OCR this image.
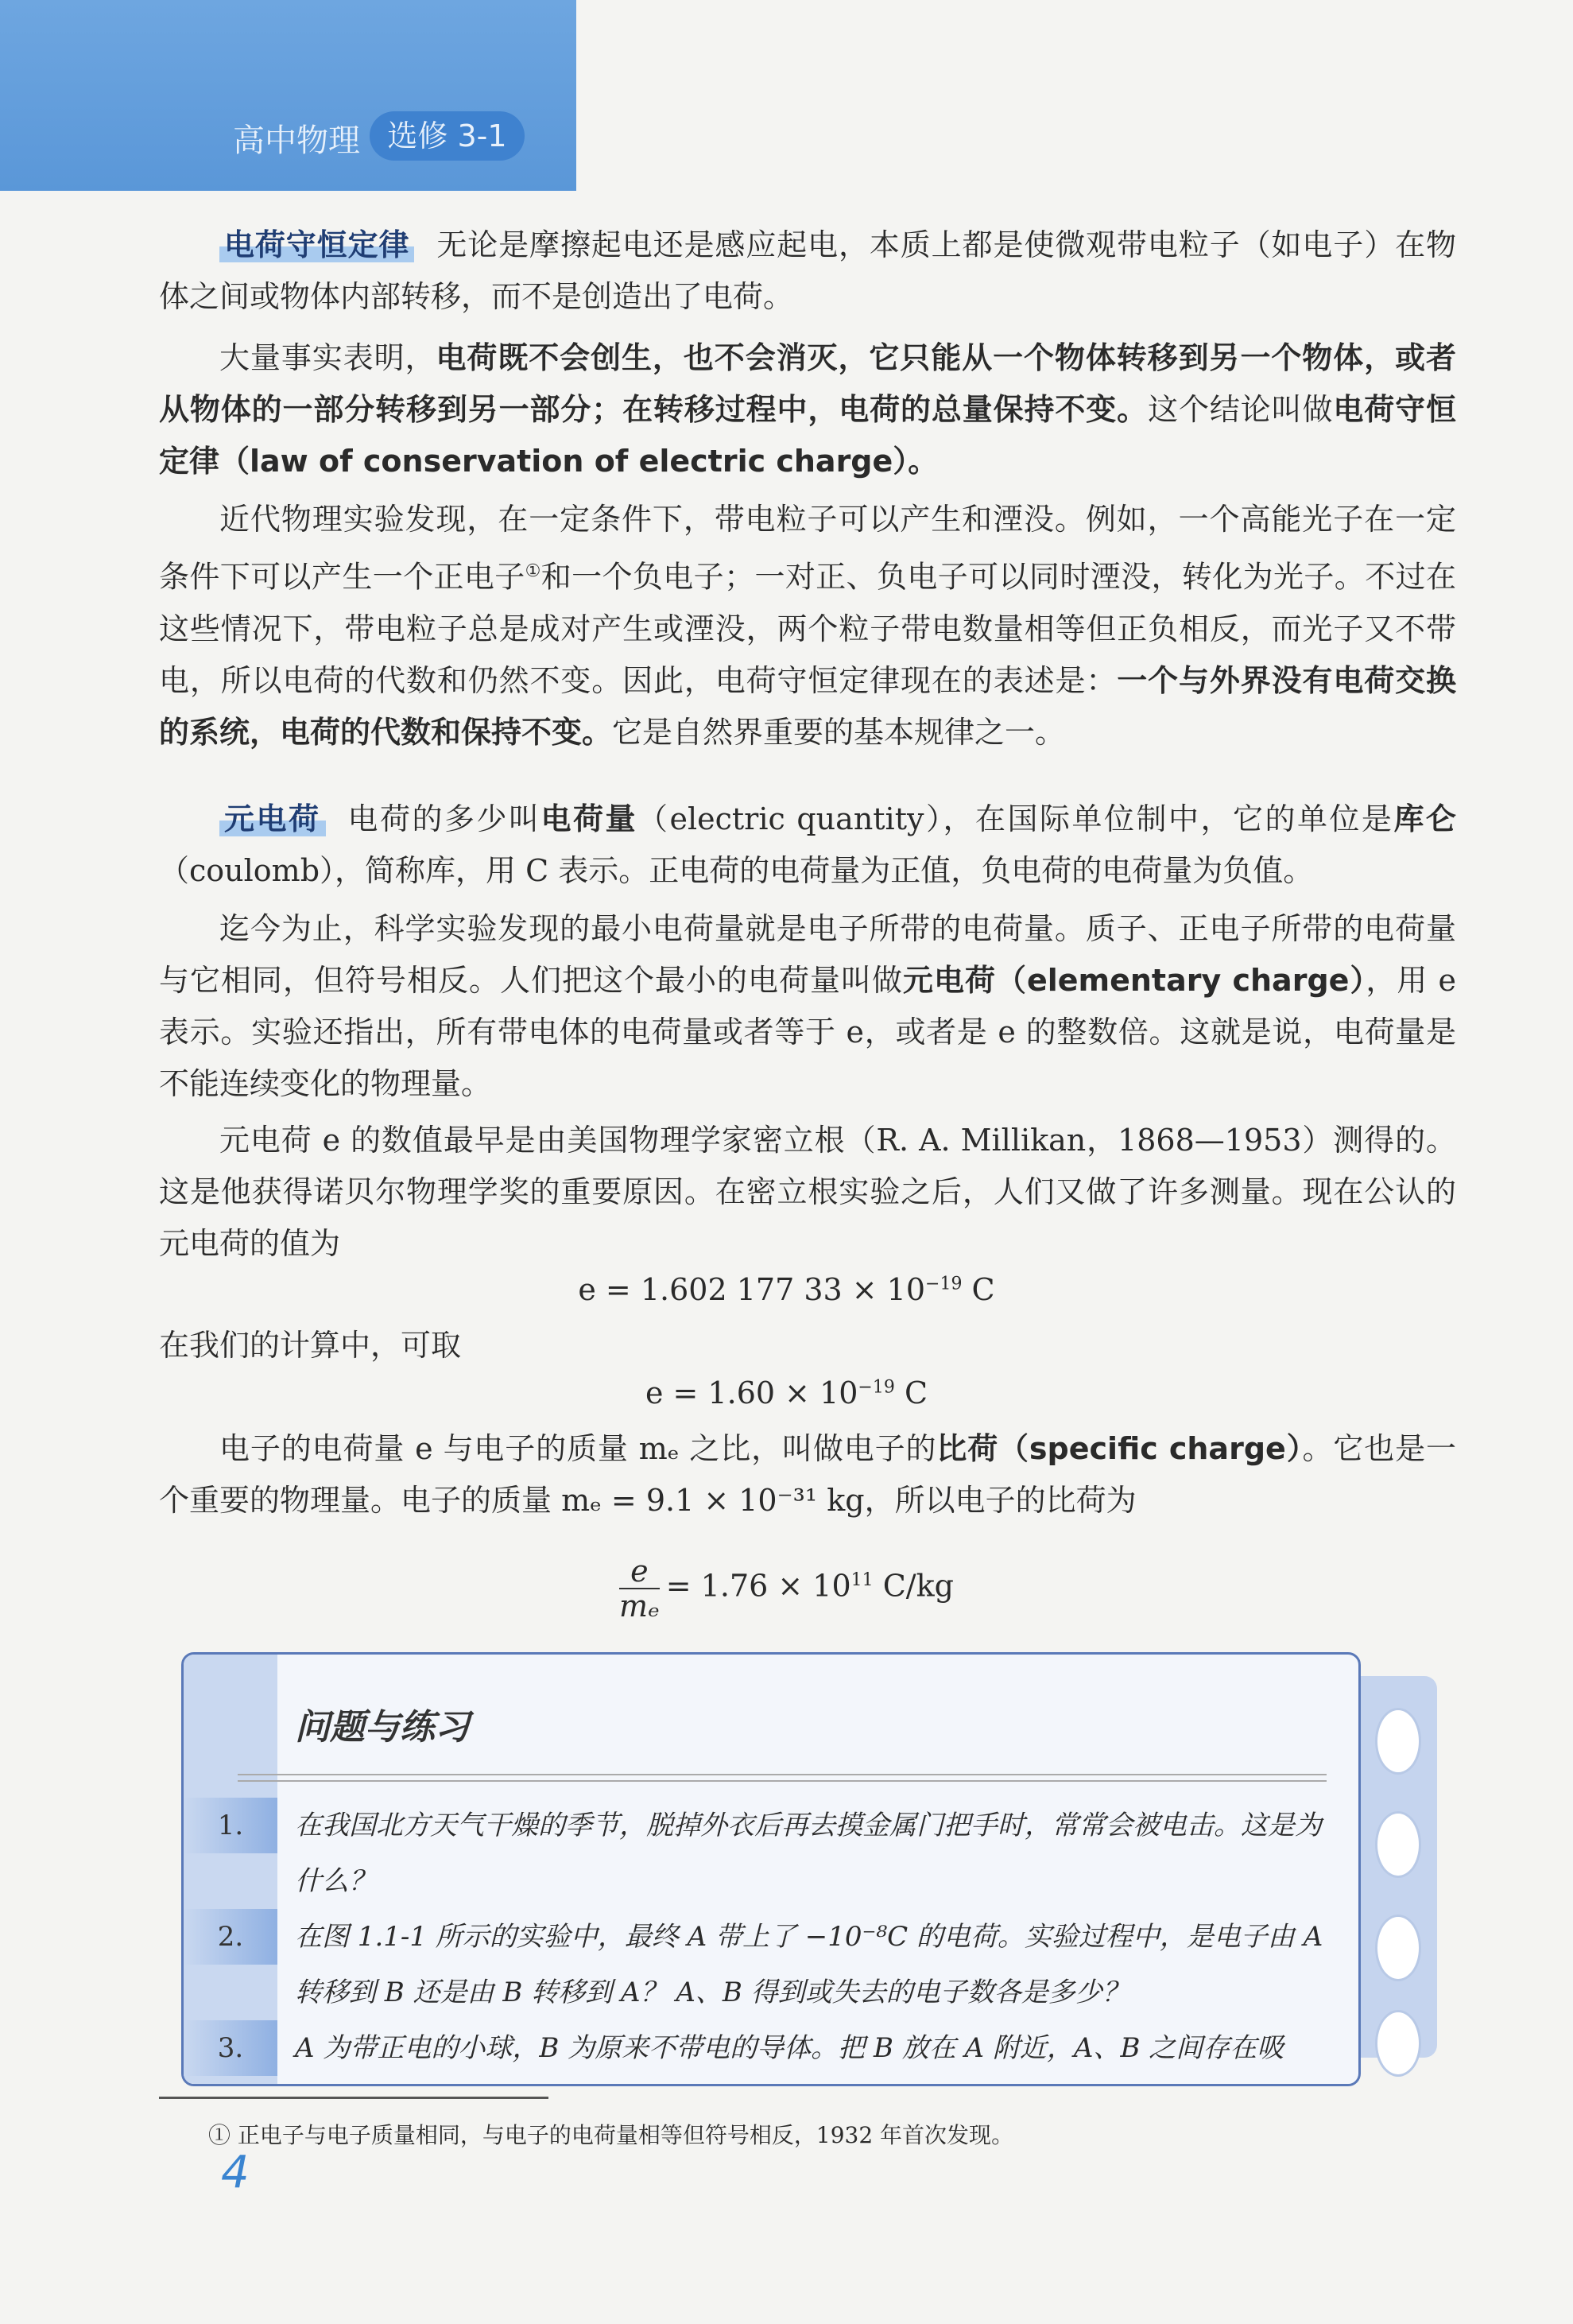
高中物理 选修 3-1

电荷守恒定律 无论是摩擦起电还是感应起电，本质上都是使微观带电粒子（如电子）在物体之间或物体内部转移，而不是创造出了电荷。

大量事实表明，电荷既不会创生，也不会消灭，它只能从一个物体转移到另一个物体，或者从物体的一部分转移到另一部分；在转移过程中，电荷的总量保持不变。这个结论叫做电荷守恒定律（law of conservation of electric charge）。

近代物理实验发现，在一定条件下，带电粒子可以产生和湮没。例如，一个高能光子在一定条件下可以产生一个正电子①和一个负电子；一对正、负电子可以同时湮没，转化为光子。不过在这些情况下，带电粒子总是成对产生或湮没，两个粒子带电数量相等但正负相反，而光子又不带电，所以电荷的代数和仍然不变。因此，电荷守恒定律现在的表述是：一个与外界没有电荷交换的系统，电荷的代数和保持不变。它是自然界重要的基本规律之一。

元电荷 电荷的多少叫电荷量（electric quantity），在国际单位制中，它的单位是库仑（coulomb），简称库，用 C 表示。正电荷的电荷量为正值，负电荷的电荷量为负值。

迄今为止，科学实验发现的最小电荷量就是电子所带的电荷量。质子、正电子所带的电荷量与它相同，但符号相反。人们把这个最小的电荷量叫做元电荷（elementary charge），用 e 表示。实验还指出，所有带电体的电荷量或者等于 e，或者是 e 的整数倍。这就是说，电荷量是不能连续变化的物理量。

元电荷 e 的数值最早是由美国物理学家密立根（R. A. Millikan，1868—1953）测得的。这是他获得诺贝尔物理学奖的重要原因。在密立根实验之后，人们又做了许多测量。现在公认的元电荷的值为

e = 1.602 177 $33 \times 10^{-19}$ C

在我们的计算中，可取

$e = 1.60 \times 10^{-19}$ C

电子的电荷量 e 与电子的质量 mₑ 之比，叫做电子的比荷（specific charge）。它也是一个重要的物理量。电子的质量 mₑ = 9.1 × 10⁻³¹ kg，所以电子的比荷为

$\frac{e}{\text{mₑ}} = 1.76 \times 10^{11}$ C/kg
问题与练习
1.	在我国北方天气干燥的季节，脱掉外衣后再去摸金属门把手时，常常会被电击。这是为什么？
2.	在图 1.1-1 所示的实验中，最终 A 带上了 −10⁻⁸C 的电荷。实验过程中，是电子由 A 转移到 B 还是由 B 转移到 A？ A、B 得到或失去的电子数各是多少？
3.	A 为带正电的小球，B 为原来不带电的导体。把 B 放在 A 附近，A、B 之间存在吸
① 正电子与电子质量相同，与电子的电荷量相等但符号相反，1932 年首次发现。
4
